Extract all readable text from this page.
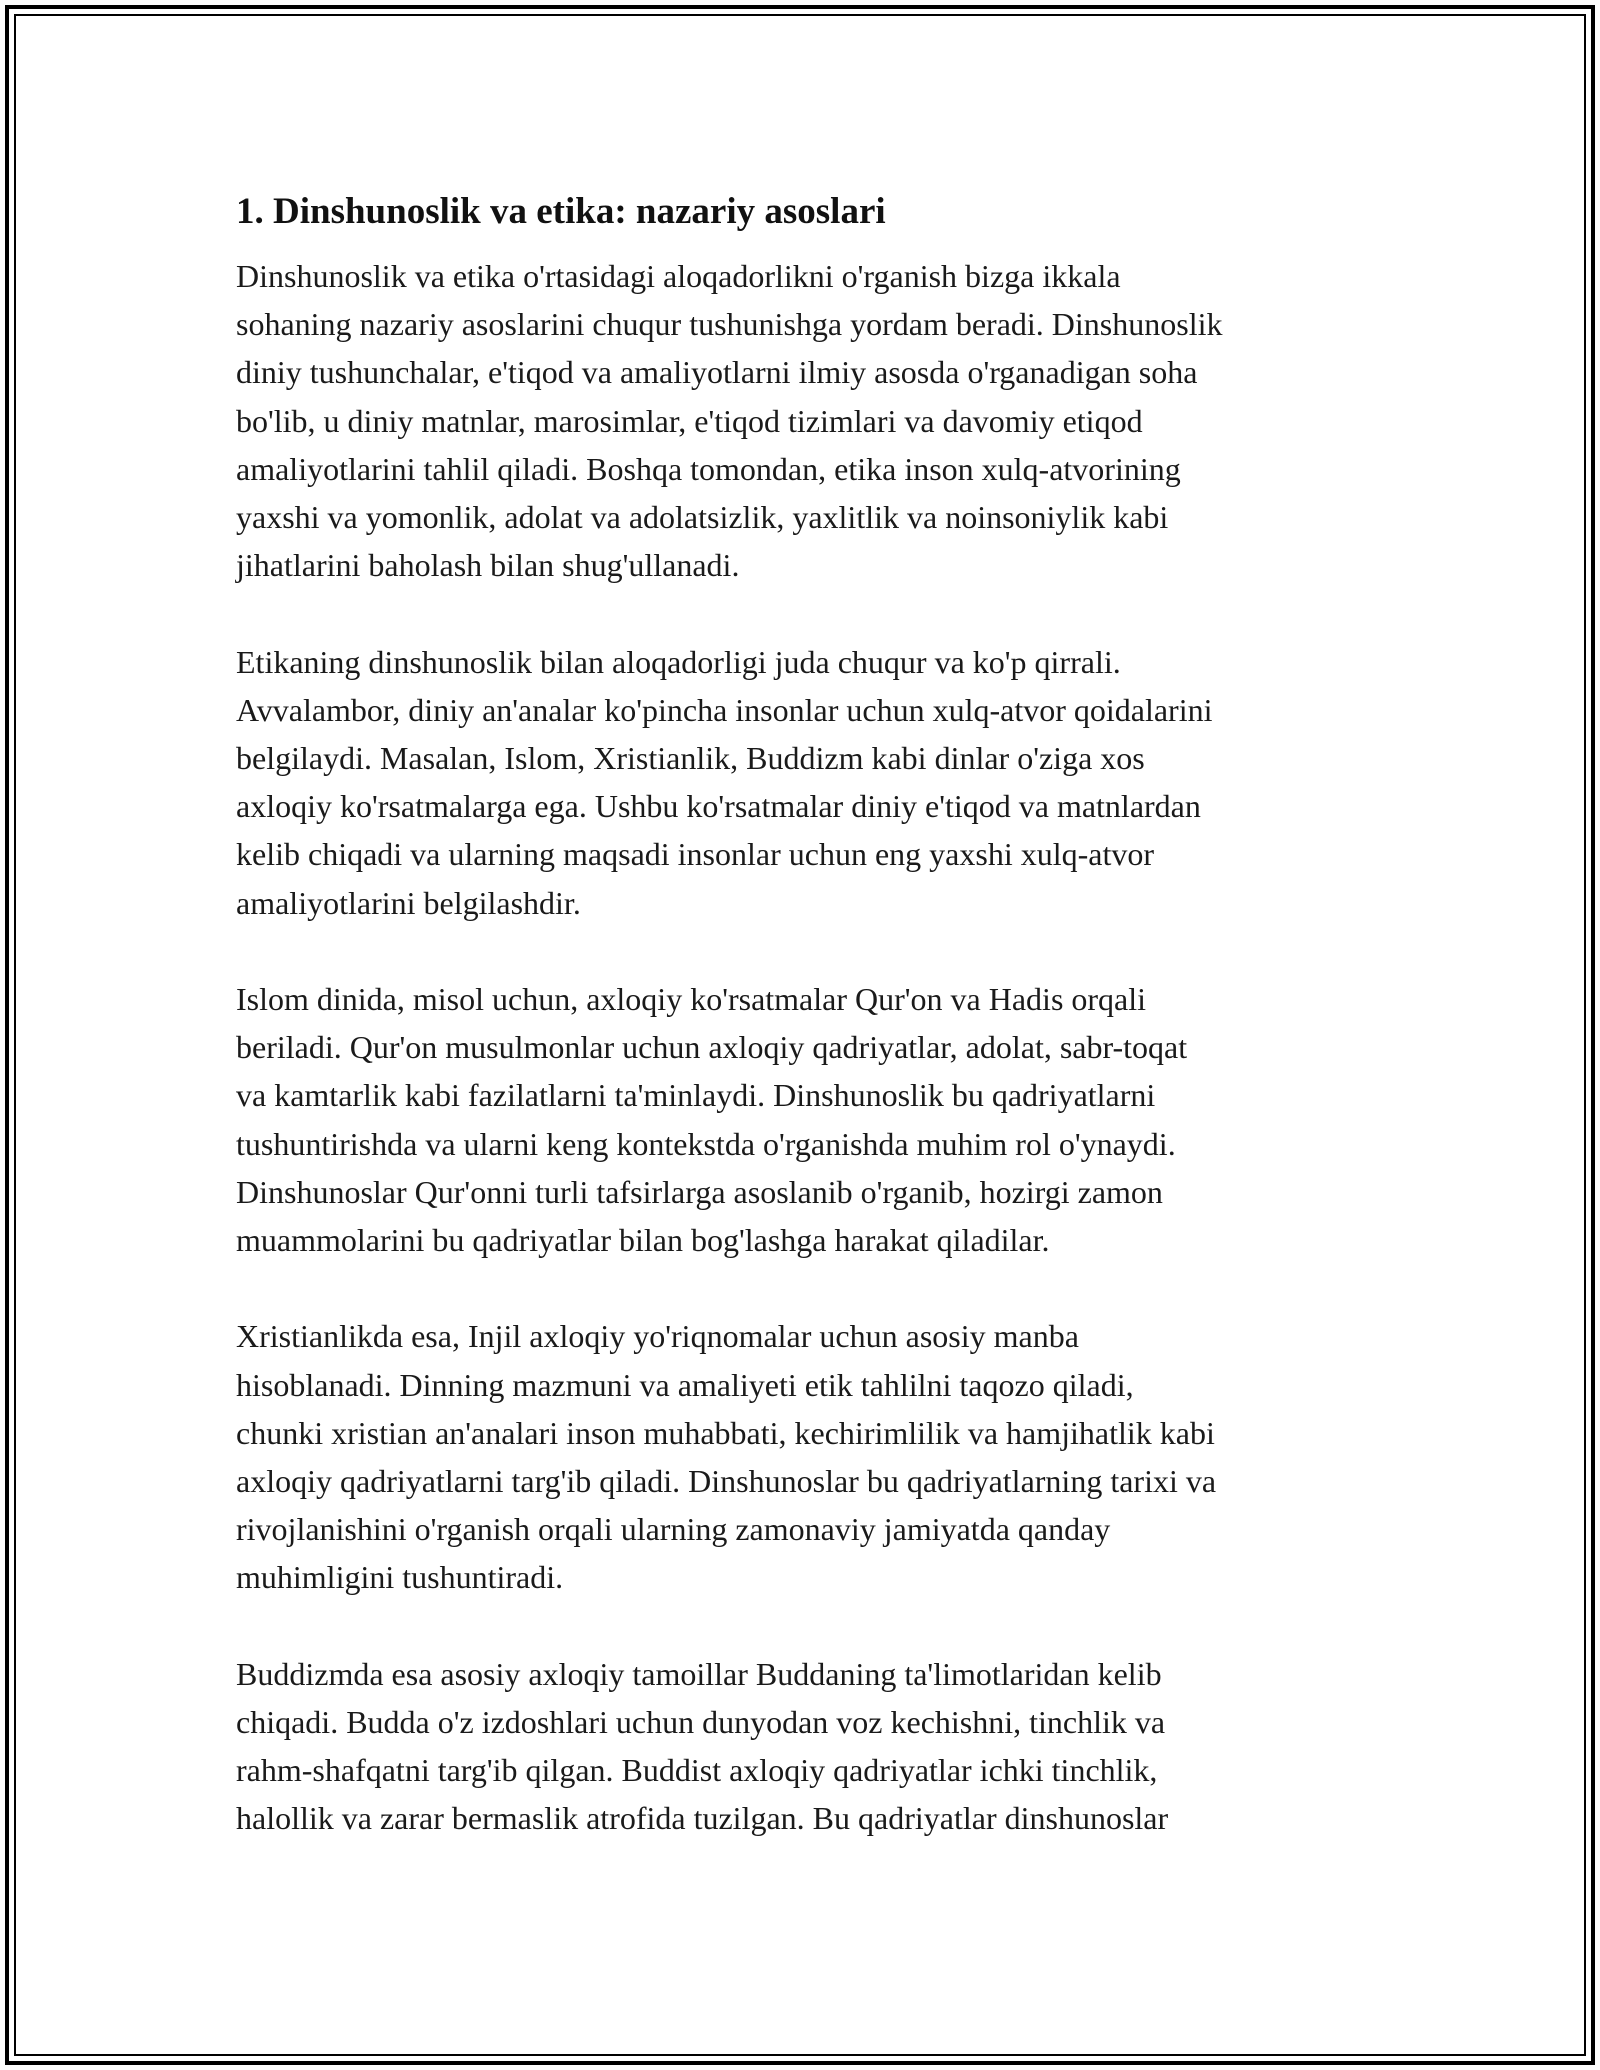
1. Dinshunoslik va etika: nazariy asoslari
Dinshunoslik va etika o'rtasidagi aloqadorlikni o'rganish bizga ikkala
sohaning nazariy asoslarini chuqur tushunishga yordam beradi. Dinshunoslik
diniy tushunchalar, e'tiqod va amaliyotlarni ilmiy asosda o'rganadigan soha
bo'lib, u diniy matnlar, marosimlar, e'tiqod tizimlari va davomiy etiqod
amaliyotlarini tahlil qiladi. Boshqa tomondan, etika inson xulq-atvorining
yaxshi va yomonlik, adolat va adolatsizlik, yaxlitlik va noinsoniylik kabi
jihatlarini baholash bilan shug'ullanadi.
Etikaning dinshunoslik bilan aloqadorligi juda chuqur va ko'p qirrali.
Avvalambor, diniy an'analar ko'pincha insonlar uchun xulq-atvor qoidalarini
belgilaydi. Masalan, Islom, Xristianlik, Buddizm kabi dinlar o'ziga xos
axloqiy ko'rsatmalarga ega. Ushbu ko'rsatmalar diniy e'tiqod va matnlardan
kelib chiqadi va ularning maqsadi insonlar uchun eng yaxshi xulq-atvor
amaliyotlarini belgilashdir.
Islom dinida, misol uchun, axloqiy ko'rsatmalar Qur'on va Hadis orqali
beriladi. Qur'on musulmonlar uchun axloqiy qadriyatlar, adolat, sabr-toqat
va kamtarlik kabi fazilatlarni ta'minlaydi. Dinshunoslik bu qadriyatlarni
tushuntirishda va ularni keng kontekstda o'rganishda muhim rol o'ynaydi.
Dinshunoslar Qur'onni turli tafsirlarga asoslanib o'rganib, hozirgi zamon
muammolarini bu qadriyatlar bilan bog'lashga harakat qiladilar.
Xristianlikda esa, Injil axloqiy yo'riqnomalar uchun asosiy manba
hisoblanadi. Dinning mazmuni va amaliyeti etik tahlilni taqozo qiladi,
chunki xristian an'analari inson muhabbati, kechirimlilik va hamjihatlik kabi
axloqiy qadriyatlarni targ'ib qiladi. Dinshunoslar bu qadriyatlarning tarixi va
rivojlanishini o'rganish orqali ularning zamonaviy jamiyatda qanday
muhimligini tushuntiradi.
Buddizmda esa asosiy axloqiy tamoillar Buddaning ta'limotlaridan kelib
chiqadi. Budda o'z izdoshlari uchun dunyodan voz kechishni, tinchlik va
rahm-shafqatni targ'ib qilgan. Buddist axloqiy qadriyatlar ichki tinchlik,
halollik va zarar bermaslik atrofida tuzilgan. Bu qadriyatlar dinshunoslar
